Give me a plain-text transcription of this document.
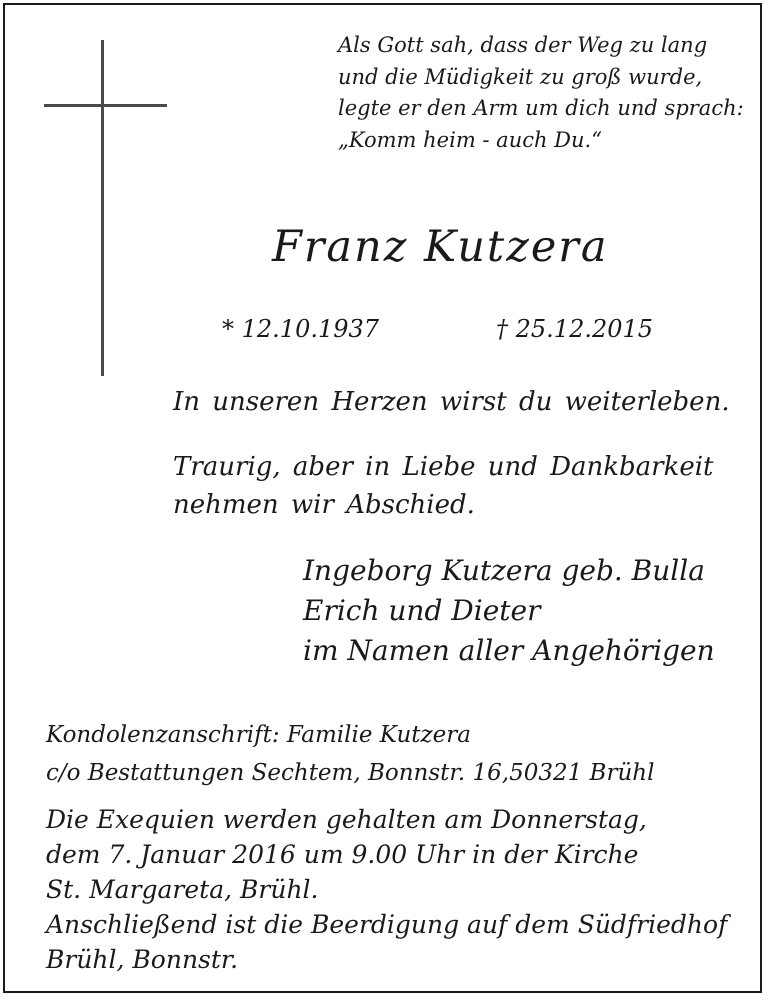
Als Gott sah, dass der Weg zu lang
und die Müdigkeit zu groß wurde,
legte er den Arm um dich und sprach:
„Komm heim - auch Du.“
Franz Kutzera
* 12.10.1937	† 25.12.2015
In unseren Herzen wirst du weiterleben.
Traurig, aber in Liebe und Dankbarkeit
nehmen wir Abschied.
Ingeborg Kutzera geb. Bulla
Erich und Dieter
im Namen aller Angehörigen
Kondolenzanschrift: Familie Kutzera
c/o Bestattungen Sechtem, Bonnstr. 16,50321 Brühl
Die Exequien werden gehalten am Donnerstag,
dem 7. Januar 2016 um 9.00 Uhr in der Kirche
St. Margareta, Brühl.
Anschließend ist die Beerdigung auf dem Südfriedhof
Brühl, Bonnstr.
